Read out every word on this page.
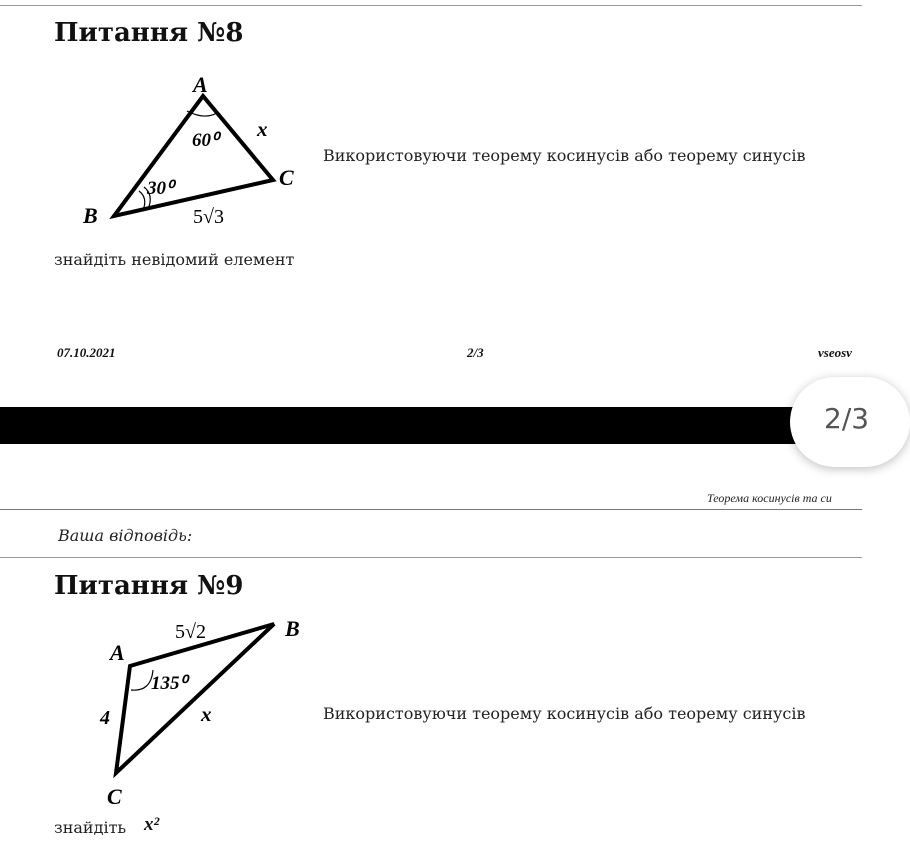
Питання №8
A
B
C
60⁰
30⁰
x
5√3
Використовуючи теорему косинусів або теорему синусів
знайдіть невідомий елемент
07.10.2021	2/3	vseosv
2/3
Теорема косинусів та си
Ваша відповідь:
Питання №9
A
B
C
135⁰
5√2
4	x	Використовуючи теорему косинусів або теорему синусів
знайдіть x²
